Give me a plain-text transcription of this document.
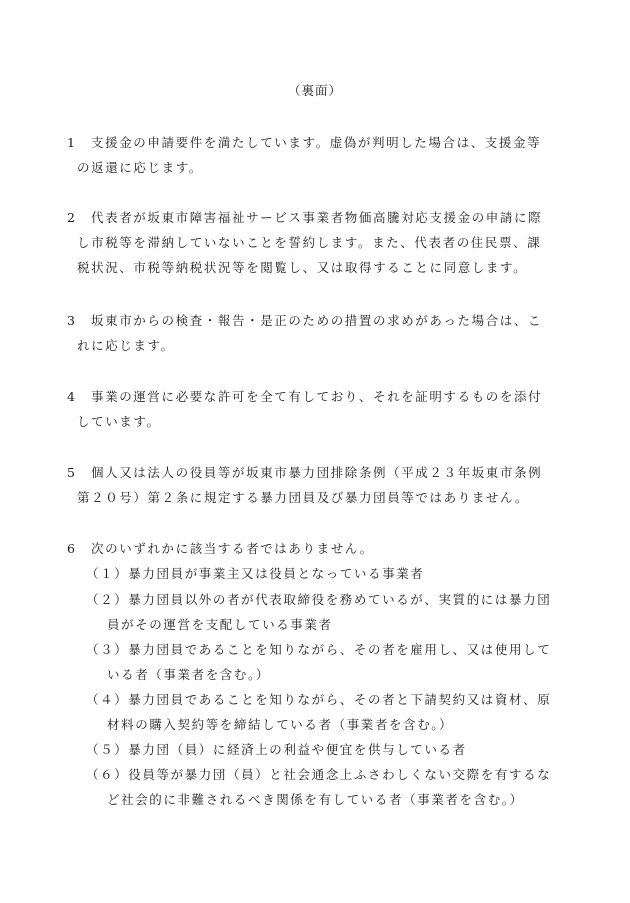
（裏面）
1 支援金の申請要件を満たしています。虚偽が判明した場合は、支援金等
の返還に応じます。
2 代表者が坂東市障害福祉サービス事業者物価高騰対応支援金の申請に際
し市税等を滞納していないことを誓約します。また、代表者の住民票、課
税状況、市税等納税状況等を閲覧し、又は取得することに同意します。
3 坂東市からの検査・報告・是正のための措置の求めがあった場合は、こ
れに応じます。
4 事業の運営に必要な許可を全て有しており、それを証明するものを添付
しています。
5 個人又は法人の役員等が坂東市暴力団排除条例（平成２３年坂東市条例
第２０号）第２条に規定する暴力団員及び暴力団員等ではありません。
6 次のいずれかに該当する者ではありません。
（１）暴力団員が事業主又は役員となっている事業者
（２）暴力団員以外の者が代表取締役を務めているが、実質的には暴力団
員がその運営を支配している事業者
（３）暴力団員であることを知りながら、その者を雇用し、又は使用して
いる者（事業者を含む。）
（４）暴力団員であることを知りながら、その者と下請契約又は資材、原
材料の購入契約等を締結している者（事業者を含む。）
（５）暴力団（員）に経済上の利益や便宜を供与している者
（６）役員等が暴力団（員）と社会通念上ふさわしくない交際を有するな
ど社会的に非難されるべき関係を有している者（事業者を含む。）
